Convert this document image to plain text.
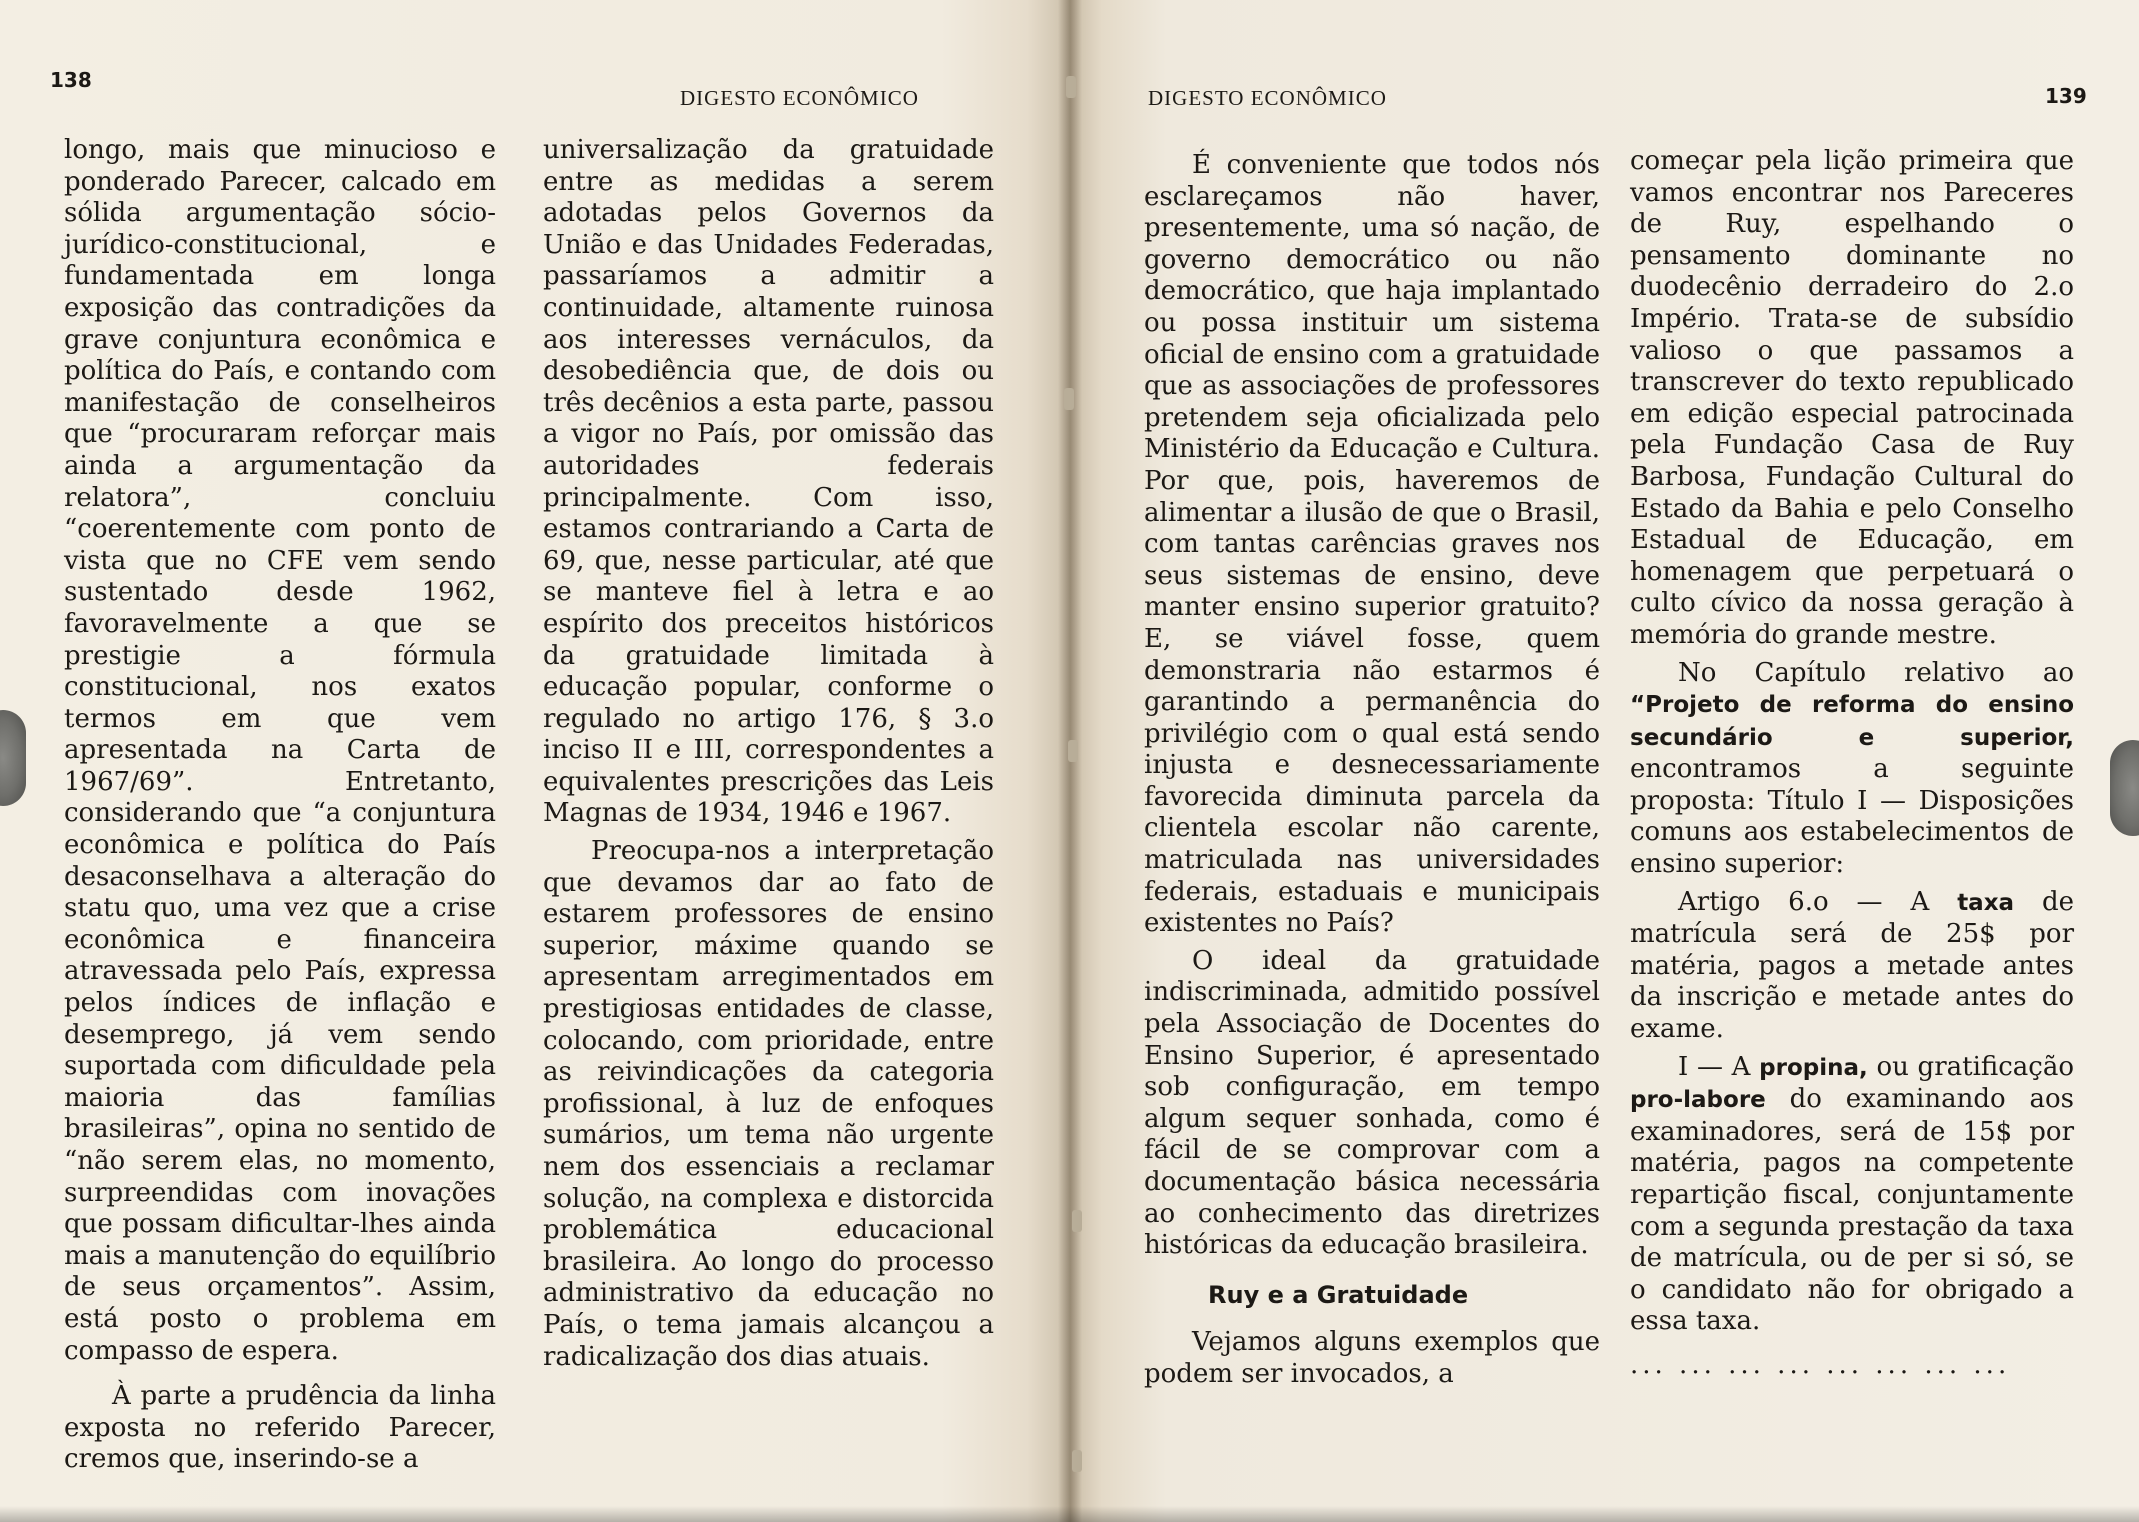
138
DIGESTO ECONÔMICO

longo, mais que minucioso e ponderado Parecer, calcado em sólida argumentação sócio-jurídico-constitucional, e fundamentada em longa exposição das contradições da grave conjuntura econômica e política do País, e contando com manifestação de conselheiros que “procuraram reforçar mais ainda a argumentação da relatora”, concluiu “coerentemente com ponto de vista que no CFE vem sendo sustentado desde 1962, favoravelmente a que se prestigie a fórmula constitucional, nos exatos termos em que vem apresentada na Carta de 1967/69”. Entretanto, considerando que “a conjuntura econômica e política do País desaconselhava a alteração do statu quo, uma vez que a crise econômica e financeira atravessada pelo País, expressa pelos índices de inflação e desemprego, já vem sendo suportada com dificuldade pela maioria das famílias brasileiras”, opina no sentido de “não serem elas, no momento, surpreendidas com inovações que possam dificultar-lhes ainda mais a manutenção do equilíbrio de seus orçamentos”. Assim, está posto o problema em compasso de espera.

À parte a prudência da linha exposta no referido Parecer, cremos que, inserindo-se a

universalização da gratuidade entre as medidas a serem adotadas pelos Governos da União e das Unidades Federadas, passaríamos a admitir a continuidade, altamente ruinosa aos interesses vernáculos, da desobediência que, de dois ou três decênios a esta parte, passou a vigor no País, por omissão das autoridades federais principalmente. Com isso, estamos contrariando a Carta de 69, que, nesse particular, até que se manteve fiel à letra e ao espírito dos preceitos históricos da gratuidade limitada à educação popular, conforme o regulado no artigo 176, § 3.o inciso II e III, correspondentes a equivalentes prescrições das Leis Magnas de 1934, 1946 e 1967.

Preocupa-nos a interpretação que devamos dar ao fato de estarem professores de ensino superior, máxime quando se apresentam arregimentados em prestigiosas entidades de classe, colocando, com prioridade, entre as reivindicações da categoria profissional, à luz de enfoques sumários, um tema não urgente nem dos essenciais a reclamar solução, na complexa e distorcida problemática educacional brasileira. Ao longo do processo administrativo da educação no País, o tema jamais alcançou a radicalização dos dias atuais.

DIGESTO ECONÔMICO	139

É conveniente que todos nós esclareçamos não haver, presentemente, uma só nação, de governo democrático ou não democrático, que haja implantado ou possa instituir um sistema oficial de ensino com a gratuidade que as associações de professores pretendem seja oficializada pelo Ministério da Educação e Cultura. Por que, pois, haveremos de alimentar a ilusão de que o Brasil, com tantas carências graves nos seus sistemas de ensino, deve manter ensino superior gratuito? E, se viável fosse, quem demonstraria não estarmos é garantindo a permanência do privilégio com o qual está sendo injusta e desnecessariamente favorecida diminuta parcela da clientela escolar não carente, matriculada nas universidades federais, estaduais e municipais existentes no País?

O ideal da gratuidade indiscriminada, admitido possível pela Associação de Docentes do Ensino Superior, é apresentado sob configuração, em tempo algum sequer sonhada, como é fácil de se comprovar com a documentação básica necessária ao conhecimento das diretrizes históricas da educação brasileira.

Ruy e a Gratuidade

Vejamos alguns exemplos que podem ser invocados, a

começar pela lição primeira que vamos encontrar nos Pareceres de Ruy, espelhando o pensamento dominante no duodecênio derradeiro do 2.o Império. Trata-se de subsídio valioso o que passamos a transcrever do texto republicado em edição especial patrocinada pela Fundação Casa de Ruy Barbosa, Fundação Cultural do Estado da Bahia e pelo Conselho Estadual de Educação, em homenagem que perpetuará o culto cívico da nossa geração à memória do grande mestre.

No Capítulo relativo ao “Projeto de reforma do ensino secundário e superior, encontramos a seguinte proposta: Título I — Disposições comuns aos estabelecimentos de ensino superior:

Artigo 6.o — A taxa de matrícula será de 25$ por matéria, pagos a metade antes da inscrição e metade antes do exame.

I — A propina, ou gratificação pro-labore do examinando aos examinadores, será de 15$ por matéria, pagos na competente repartição fiscal, conjuntamente com a segunda prestação da taxa de matrícula, ou de per si só, se o candidato não for obrigado a essa taxa.

... ... ... ... ... ... ... ...
